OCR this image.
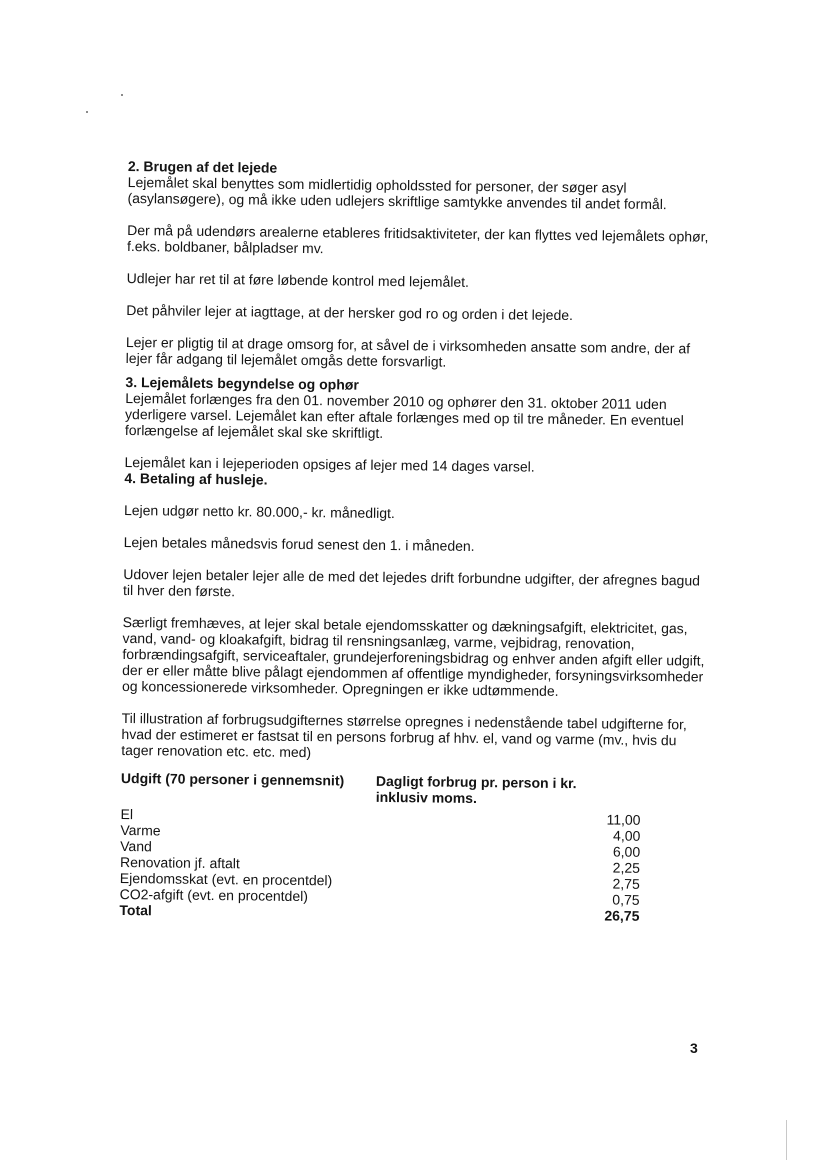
2. Brugen af det lejede

Lejemålet skal benyttes som midlertidig opholdssted for personer, der søger asyl (asylansøgere), og må ikke uden udlejers skriftlige samtykke anvendes til andet formål.

Der må på udendørs arealerne etableres fritidsaktiviteter, der kan flyttes ved lejemålets ophør, f.eks. boldbaner, bålpladser mv.

Udlejer har ret til at føre løbende kontrol med lejemålet.

Det påhviler lejer at iagttage, at der hersker god ro og orden i det lejede.

Lejer er pligtig til at drage omsorg for, at såvel de i virksomheden ansatte som andre, der af lejer får adgang til lejemålet omgås dette forsvarligt.

3. Lejemålets begyndelse og ophør

Lejemålet forlænges fra den 01. november 2010 og ophører den 31. oktober 2011 uden yderligere varsel. Lejemålet kan efter aftale forlænges med op til tre måneder. En eventuel forlængelse af lejemålet skal ske skriftligt.

Lejemålet kan i lejeperioden opsiges af lejer med 14 dages varsel.

4. Betaling af husleje.

Lejen udgør netto kr. 80.000,- kr. månedligt.

Lejen betales månedsvis forud senest den 1. i måneden.

Udover lejen betaler lejer alle de med det lejedes drift forbundne udgifter, der afregnes bagud til hver den første.

Særligt fremhæves, at lejer skal betale ejendomsskatter og dækningsafgift, elektricitet, gas, vand, vand- og kloakafgift, bidrag til rensningsanlæg, varme, vejbidrag, renovation, forbrændingsafgift, serviceaftaler, grundejerforeningsbidrag og enhver anden afgift eller udgift, der er eller måtte blive pålagt ejendommen af offentlige myndigheder, forsyningsvirksomheder og koncessionerede virksomheder. Opregningen er ikke udtømmende.

Til illustration af forbrugsudgifternes størrelse opregnes i nedenstående tabel udgifterne for, hvad der estimeret er fastsat til en persons forbrug af hhv. el, vand og varme (mv., hvis du tager renovation etc. etc. med)

Udgift (70 personer i gennemsnit)	Dagligt forbrug pr. person i kr. inklusiv moms.
El	11,00
Varme	4,00
Vand	6,00
Renovation jf. aftalt	2,25
Ejendomsskat (evt. en procentdel)	2,75
CO2-afgift (evt. en procentdel)	0,75
Total	26,75
3
